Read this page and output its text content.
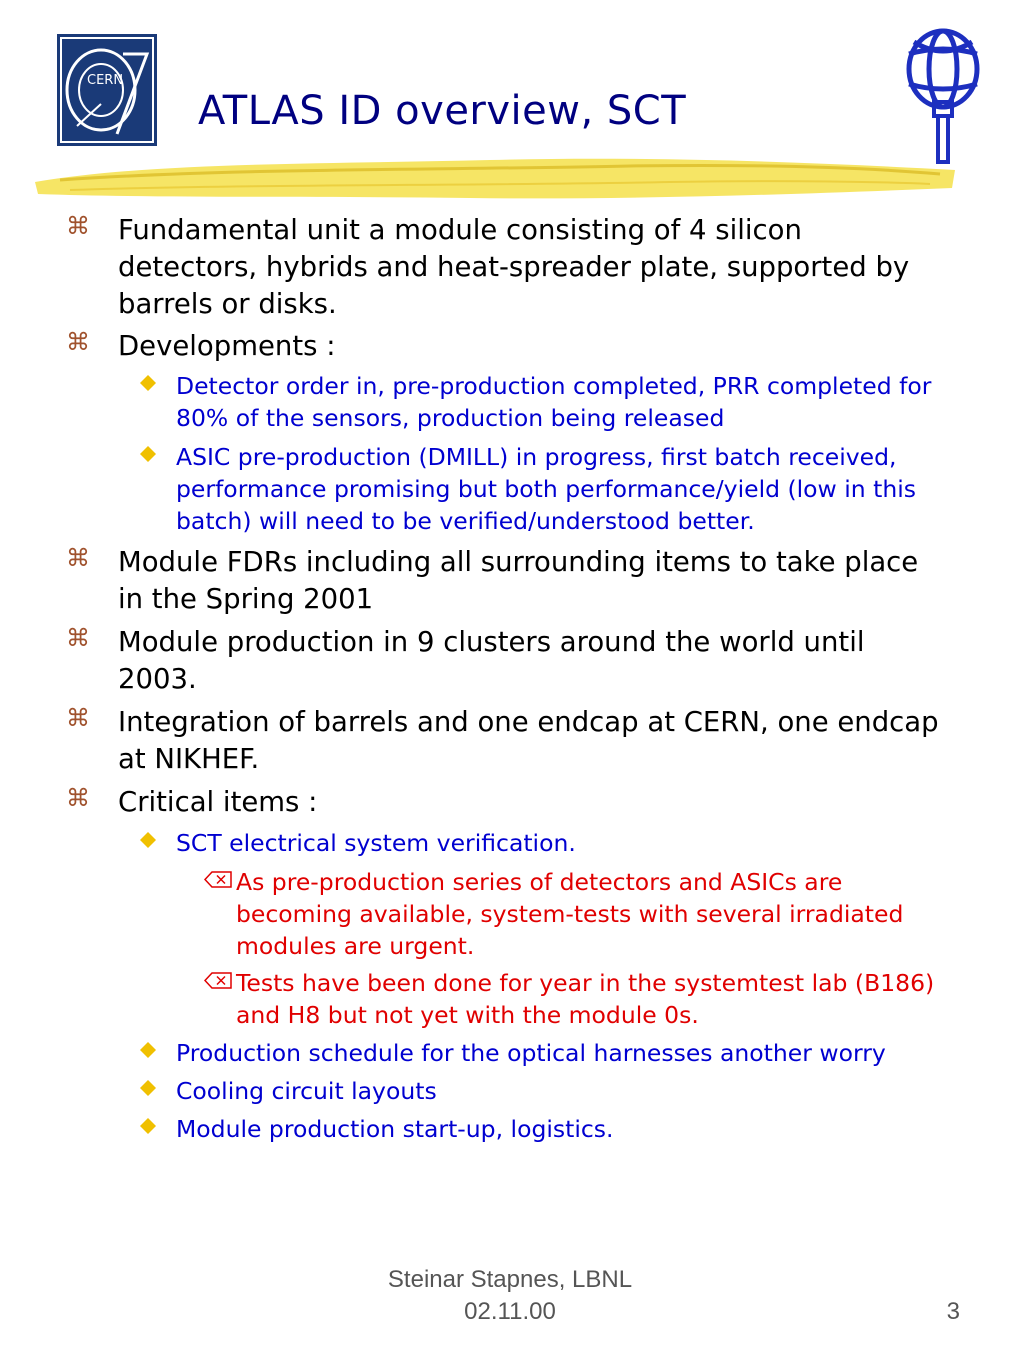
CERN
ATLAS ID overview, SCT
⌘ Fundamental unit a module consisting of 4 silicon detectors, hybrids and heat-spreader plate, supported by barrels or disks.
⌘ Developments :
Detector order in, pre-production completed, PRR completed for 80% of the sensors, production being released
ASIC pre-production (DMILL) in progress, first batch received, performance promising but both performance/yield (low in this batch) will need to be verified/understood better.
⌘ Module FDRs including all surrounding items to take place in the Spring 2001
⌘ Module production in 9 clusters around the world until 2003.
⌘ Integration of barrels and one endcap at CERN, one endcap at NIKHEF.
⌘ Critical items :
SCT electrical system verification.
As pre-production series of detectors and ASICs are becoming available, system-tests with several irradiated modules are urgent.
Tests have been done for year in the systemtest lab (B186) and H8 but not yet with the module 0s.
Production schedule for the optical harnesses another worry
Cooling circuit layouts
Module production start-up, logistics.
Steinar Stapnes, LBNL
02.11.00	3
